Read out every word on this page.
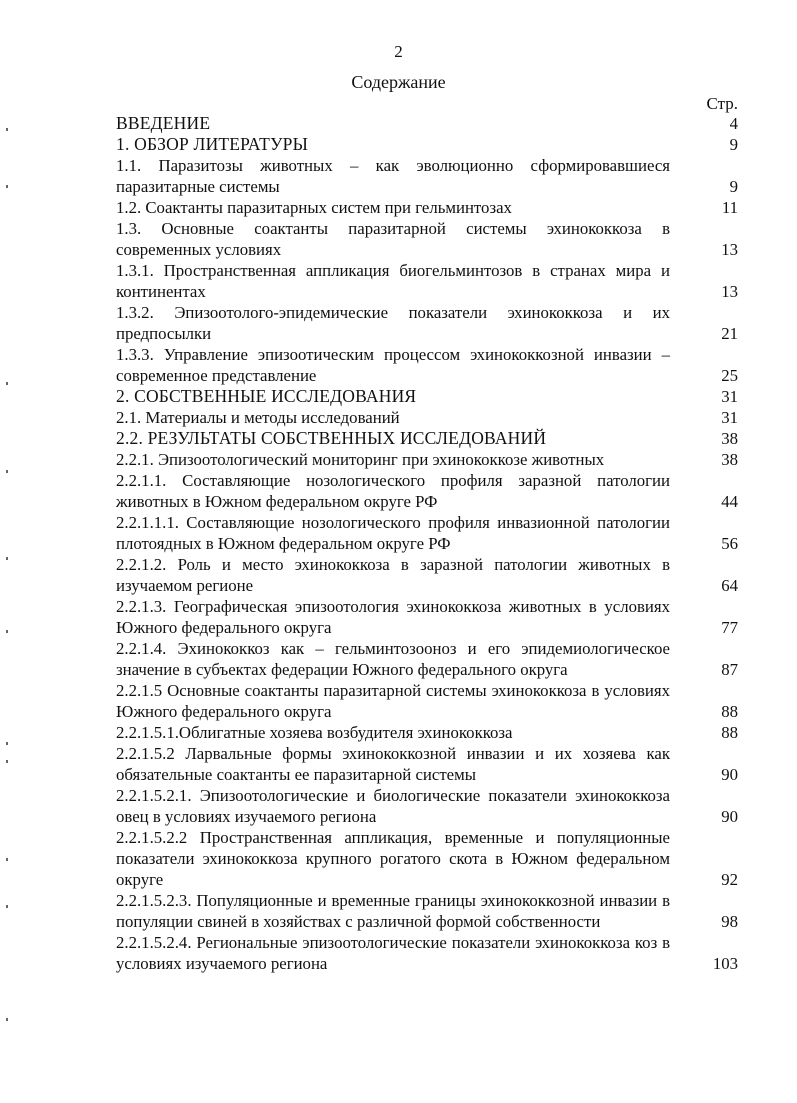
2
Содержание
Стр.
ВВЕДЕНИЕ	4
1. ОБЗОР ЛИТЕРАТУРЫ	9
1.1. Паразитозы животных – как эволюционно сформировавшиеся паразитарные системы	9
1.2. Соактанты паразитарных систем при гельминтозах	11
1.3. Основные соактанты паразитарной системы эхинококкоза в современных условиях	13
1.3.1. Пространственная аппликация биогельминтозов в странах мира и континентах	13
1.3.2. Эпизоотолого-эпидемические показатели эхинококкоза и их предпосылки	21
1.3.3. Управление эпизоотическим процессом эхинококкозной инвазии – современное представление	25
2. СОБСТВЕННЫЕ ИССЛЕДОВАНИЯ	31
2.1. Материалы и методы исследований	31
2.2. РЕЗУЛЬТАТЫ СОБСТВЕННЫХ ИССЛЕДОВАНИЙ	38
2.2.1. Эпизоотологический мониторинг при эхинококкозе животных	38
2.2.1.1. Составляющие нозологического профиля заразной патологии животных в Южном федеральном округе РФ	44
2.2.1.1.1. Составляющие нозологического профиля инвазионной патологии плотоядных в Южном федеральном округе РФ	56
2.2.1.2. Роль и место эхинококкоза в заразной патологии животных в изучаемом регионе	64
2.2.1.3. Географическая эпизоотология эхинококкоза животных в условиях Южного федерального округа	77
2.2.1.4. Эхинококкоз как – гельминтозооноз и его эпидемиологическое значение в субъектах федерации Южного федерального округа	87
2.2.1.5 Основные соактанты паразитарной системы эхинококкоза в условиях Южного федерального округа	88
2.2.1.5.1.Облигатные хозяева возбудителя эхинококкоза	88
2.2.1.5.2 Ларвальные формы эхинококкозной инвазии и их хозяева как обязательные соактанты ее паразитарной системы	90
2.2.1.5.2.1. Эпизоотологические и биологические показатели эхинококкоза овец в условиях изучаемого региона	90
2.2.1.5.2.2 Пространственная аппликация, временные и популяционные показатели эхинококкоза крупного рогатого скота в Южном федеральном округе	92
2.2.1.5.2.3. Популяционные и временные границы эхинококкозной инвазии в популяции свиней в хозяйствах с различной формой собственности	98
2.2.1.5.2.4. Региональные эпизоотологические показатели эхинококкоза коз в условиях изучаемого региона	103
